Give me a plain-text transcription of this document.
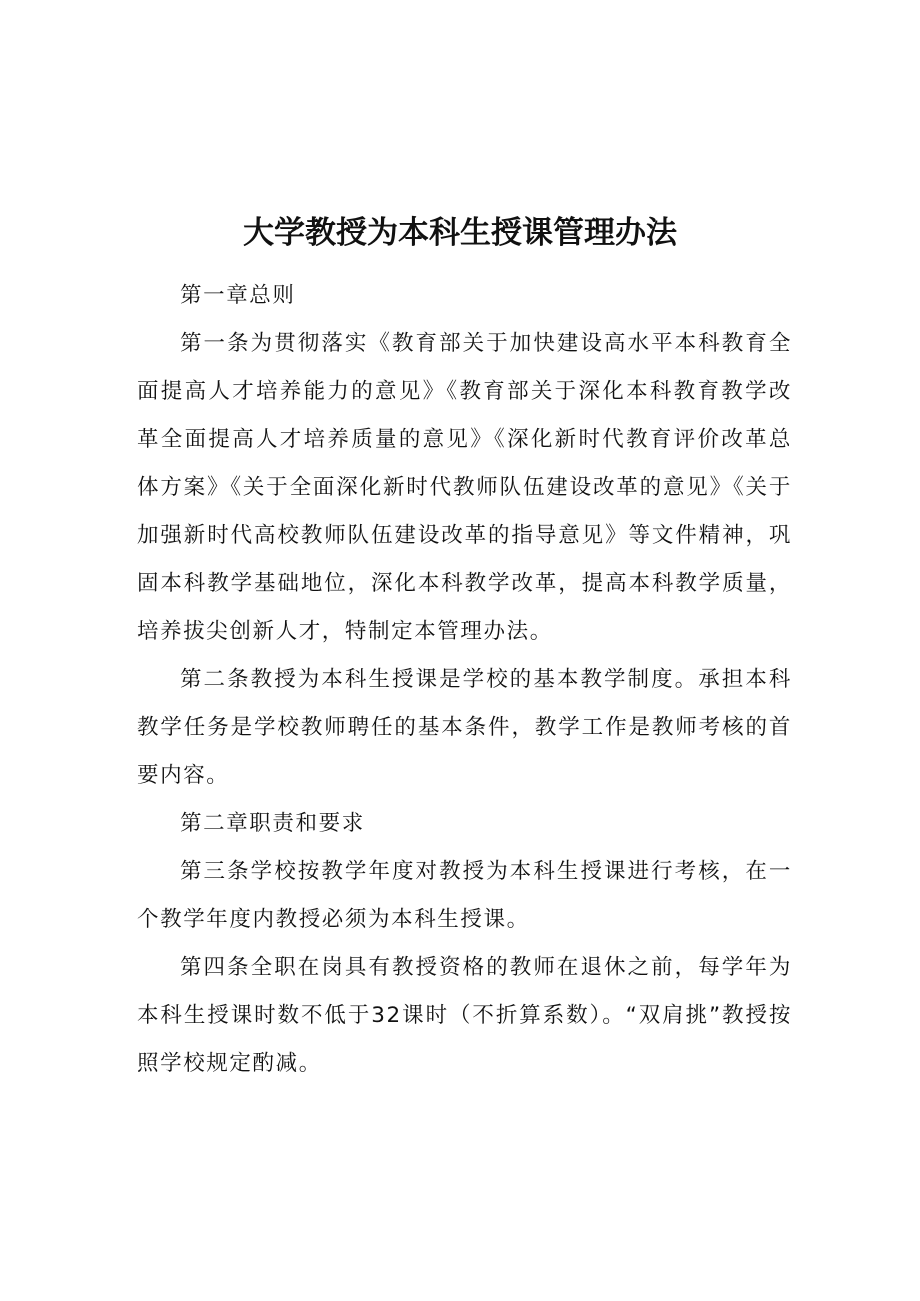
大学教授为本科生授课管理办法

第一章总则

第一条为贯彻落实《教育部关于加快建设高水平本科教育全面提高人才培养能力的意见》《教育部关于深化本科教育教学改革全面提高人才培养质量的意见》《深化新时代教育评价改革总体方案》《关于全面深化新时代教师队伍建设改革的意见》《关于加强新时代高校教师队伍建设改革的指导意见》等文件精神，巩固本科教学基础地位，深化本科教学改革，提高本科教学质量，培养拔尖创新人才，特制定本管理办法。

第二条教授为本科生授课是学校的基本教学制度。承担本科教学任务是学校教师聘任的基本条件，教学工作是教师考核的首要内容。

第二章职责和要求

第三条学校按教学年度对教授为本科生授课进行考核，在一个教学年度内教授必须为本科生授课。

第四条全职在岗具有教授资格的教师在退休之前，每学年为本科生授课时数不低于32课时（不折算系数）。“双肩挑”教授按照学校规定酌减。
